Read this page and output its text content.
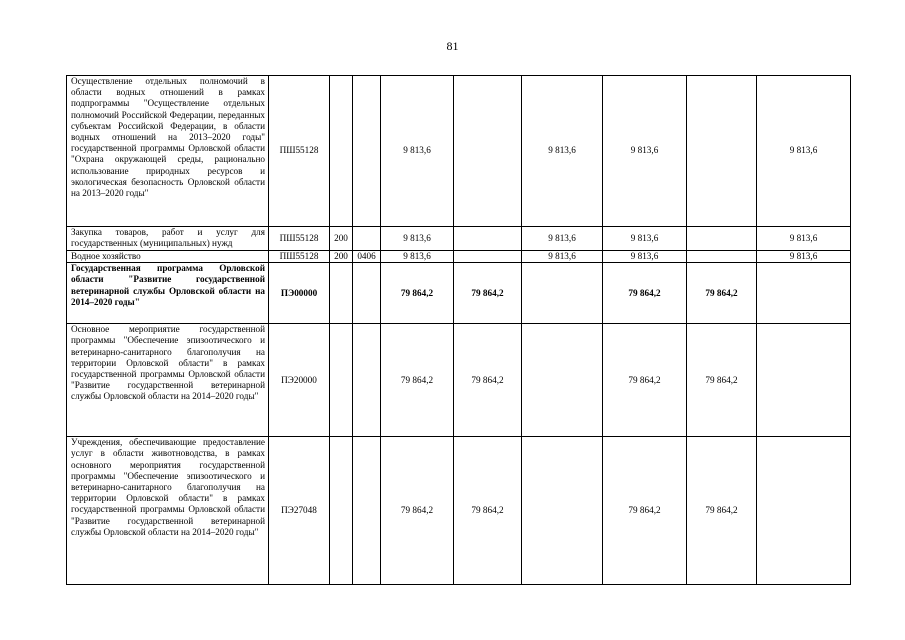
81
Осуществление отдельных полномочий в области водных отношений в рамках подпрограммы "Осуществление отдельных полномочий Российской Федерации, переданных субъектам Российской Федерации, в области водных отношений на 2013–2020 годы" государственной программы Орловской области "Охрана окружающей среды, рационально использование природных ресурсов и экологическая безопасность Орловской области на 2013–2020 годы"	ПШ55128			9 813,6		9 813,6	9 813,6		9 813,6
Закупка товаров, работ и услуг для государственных (муниципальных) нужд	ПШ55128	200		9 813,6		9 813,6	9 813,6		9 813,6
Водное хозяйство	ПШ55128	200	0406	9 813,6		9 813,6	9 813,6		9 813,6
Государственная программа Орловской области "Развитие государственной ветеринарной службы Орловской области на 2014–2020 годы"	ПЭ00000			79 864,2	79 864,2		79 864,2	79 864,2	
Основное мероприятие государственной программы "Обеспечение эпизоотического и ветеринарно-санитарного благополучия на территории Орловской области" в рамках государственной программы Орловской области "Развитие государственной ветеринарной службы Орловской области на 2014–2020 годы"	ПЭ20000			79 864,2	79 864,2		79 864,2	79 864,2	
Учреждения, обеспечивающие предоставление услуг в области животноводства, в рамках основного мероприятия государственной программы "Обеспечение эпизоотического и ветеринарно-санитарного благополучия на территории Орловской области" в рамках государственной программы Орловской области "Развитие государственной ветеринарной службы Орловской области на 2014–2020 годы"	ПЭ27048			79 864,2	79 864,2		79 864,2	79 864,2	
